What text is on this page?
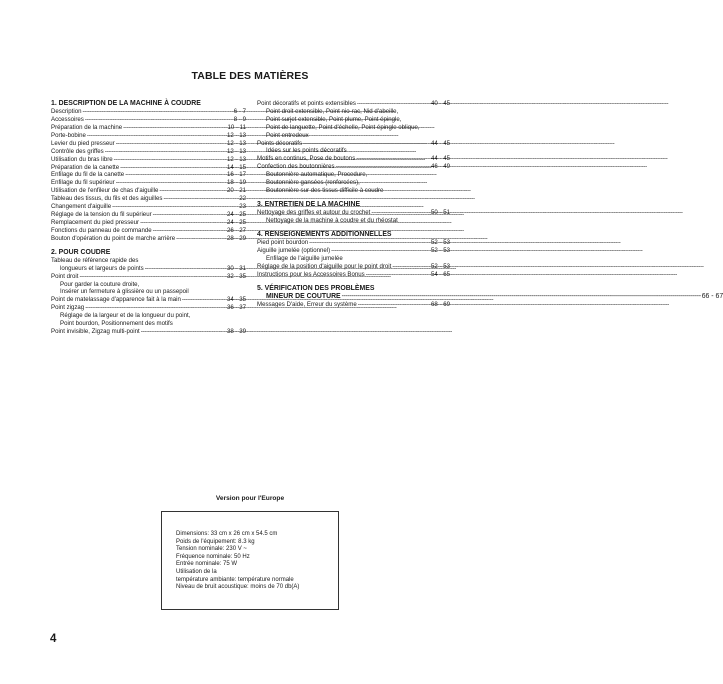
TABLE DES MATIÈRES
1. DESCRIPTION DE LA MACHINE À COUDRE
Description -----	6 - 7
Accessoires -----	8 - 9
Préparation de la machine -----	10 - 11
Porte-bobine -----	12 - 13
Levier du pied presseur -----	12 - 13
Contrôle des griffes -----	12 - 13
Utilisation du bras libre -----	12 - 13
Préparation de la canette -----	14 - 15
Enfilage du fil de la canette -----	16 - 17
Enfilage du fil supérieur -----	18 - 19
Utilisation de l'enfileur de chas d'aiguille -----	20 - 21
Tableau des tissus, du fils et des aiguilles -----	22
Changement d'aiguille -----	23
Réglage de la tension du fil supérieur -----	24 - 25
Remplacement du pied presseur -----	24 - 25
Fonctions du panneau de commande -----	26 - 27
Bouton d'opération du point de marche arrière -----	28 - 29
2. POUR COUDRE
Tableau de référence rapide des
longueurs et largeurs de points -----	30 - 31
Point droit -----	32 - 35
Pour garder la couture droite,
Insérer un fermeture à glissière ou un passepoil
Point de matelassage d'apparence fait à la main -----	34 - 35
Point zigzag -----	36 - 37
Réglage de la largeur et de la longueur du point,
Point bourdon, Positionnement des motifs
Point invisible, Zigzag multi-point -----	38 - 39
Point décoratifs et points extensibles -----	40 - 45
Point droit extensible, Point nio-rac, Nid d'abeille,
Point surjet extensible, Point plume, Point épingle,
Point de languette, Point d'échelle, Point épingle oblique,
Point entredeux
Points décoratifs -----	44 - 45
Idées sur les points décoratifs
Motifs en continus, Pose de boutons -----	44 - 45
Confection des boutonnières -----	46 - 49
Boutonnière automatique, Procedure,
Boutonnière gansées (renforcées),
Boutonnière sur des tissus difficile à coudre
3. ENTRETIEN DE LA MACHINE
Nettoyage des griffes et autour du crochet -----	50 - 51
Nettoyage de la machine à coudre et du rhéostat
4. RENSEIGNEMENTS ADDITIONNELLES
Pied point bourdon -----	52 - 53
Aiguille jumelée (optionnel) -----	52 - 53
Enfilage de l'aiguille jumelée
Réglage de la position d'aiguille pour le point droit -----	52 - 53
Instructions pour les Accessoires Bonus -----	54 - 65
5. VÉRIFICATION DES PROBLÈMES
MINEUR DE COUTURE -----	66 - 67
Messages D'aide, Erreur du système -----	68 - 69
Version pour l'Europe
Dimensions: 33 cm x 26 cm x 54.5 cm
Poids de l'équipement: 8.3 kg
Tension nominale: 230 V ~
Fréquence nominale: 50 Hz
Entrée nominale: 75 W
Utilisation de la
température ambiante: température normale
Niveau de bruit acoustique: moins de 70 db(A)
4
